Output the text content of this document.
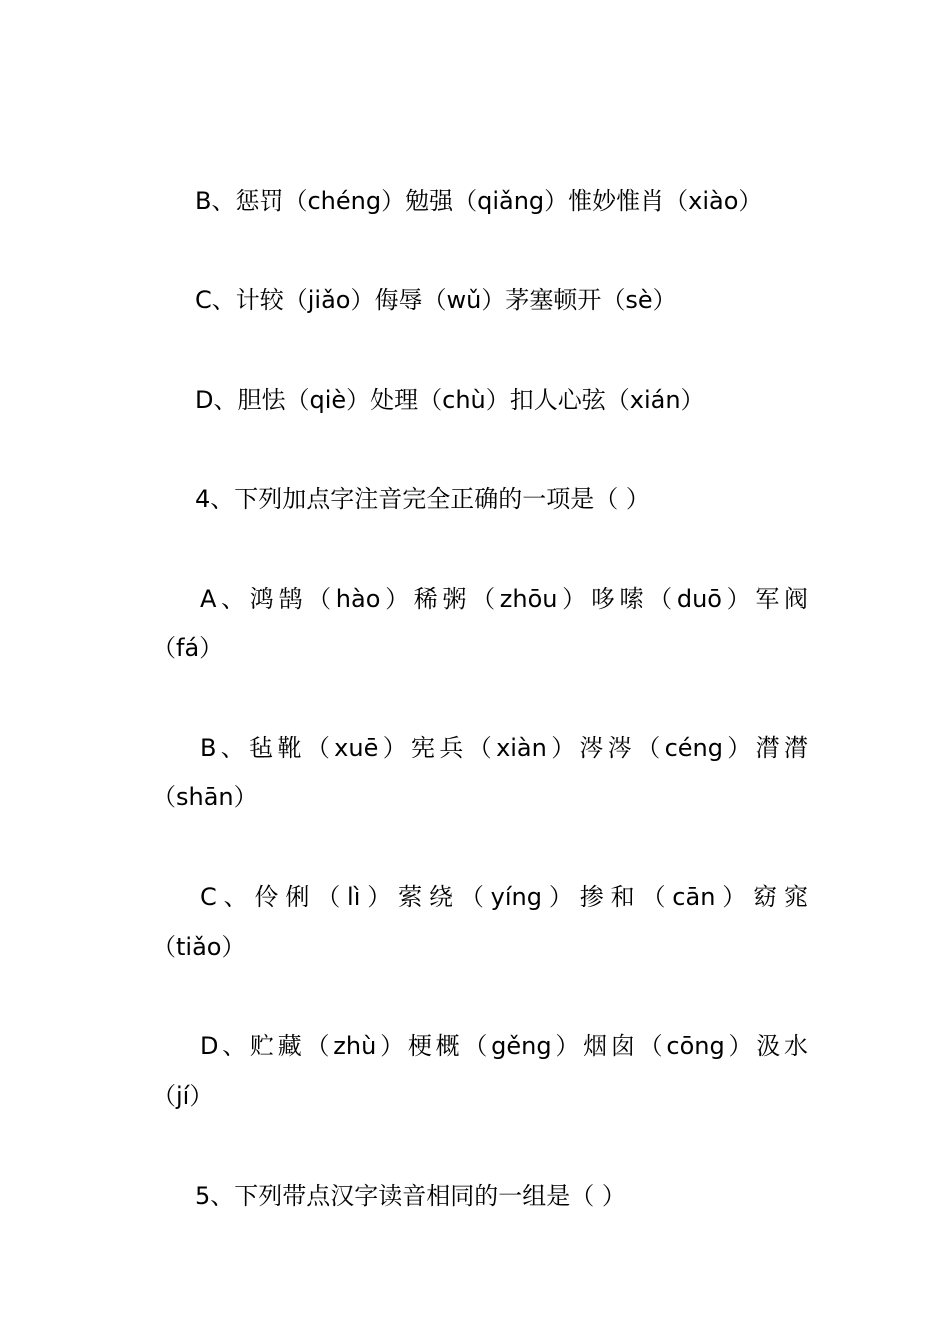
B、惩罚（chéng）勉强（qiǎng）惟妙惟肖（xiào）
C、计较（jiǎo）侮辱（wǔ）茅塞顿开（sè）
D、胆怯（qiè）处理（chù）扣人心弦（xián）
4、下列加点字注音完全正确的一项是（ ）
A、鸿鹄（hào）稀粥（zhōu）哆嗦（duō）军阀
（fá）
B、毡靴（xuē）宪兵（xiàn）涔涔（céng）潸潸
（shān）
C、伶俐（lì）萦绕（yíng）掺和（cān）窈窕
（tiǎo）
D、贮藏（zhù）梗概（gěng）烟囱（cōng）汲水
（jí）
5、下列带点汉字读音相同的一组是（ ）
